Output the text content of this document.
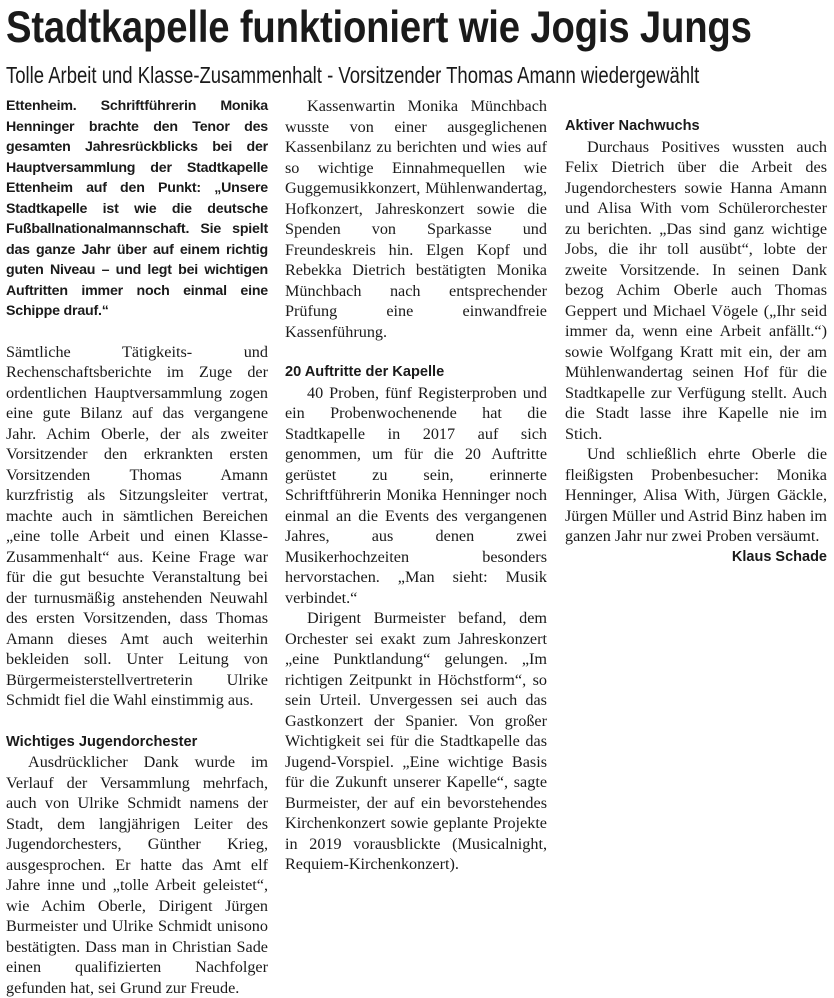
Stadtkapelle funktioniert wie Jogis Jungs
Tolle Arbeit und Klasse-Zusammenhalt - Vorsitzender Thomas Amann wiedergewählt

Ettenheim. Schriftführerin Monika Henninger brachte den Tenor des gesamten Jahresrückblicks bei der Hauptversammlung der Stadtkapelle Ettenheim auf den Punkt: „Unsere Stadtkapelle ist wie die deutsche Fußballnationalmannschaft. Sie spielt das ganze Jahr über auf einem richtig guten Niveau – und legt bei wichtigen Auftritten immer noch einmal eine Schippe drauf.“

Sämtliche Tätigkeits- und Rechenschaftsberichte im Zuge der ordentlichen Hauptversammlung zogen eine gute Bilanz auf das vergangene Jahr. Achim Oberle, der als zweiter Vorsitzender den erkrankten ersten Vorsitzenden Thomas Amann kurzfristig als Sitzungsleiter vertrat, machte auch in sämtlichen Bereichen „eine tolle Arbeit und einen Klasse-Zusammenhalt“ aus. Keine Frage war für die gut besuchte Veranstaltung bei der turnusmäßig anstehenden Neuwahl des ersten Vorsitzenden, dass Thomas Amann dieses Amt auch weiterhin bekleiden soll. Unter Leitung von Bürgermeisterstellvertreterin Ulrike Schmidt fiel die Wahl einstimmig aus.

Wichtiges Jugendorchester

Ausdrücklicher Dank wurde im Verlauf der Versammlung mehrfach, auch von Ulrike Schmidt namens der Stadt, dem langjährigen Leiter des Jugendorchesters, Günther Krieg, ausgesprochen. Er hatte das Amt elf Jahre inne und „tolle Arbeit geleistet“, wie Achim Oberle, Dirigent Jürgen Burmeister und Ulrike Schmidt unisono bestätigten. Dass man in Christian Sade einen qualifizierten Nachfolger gefunden hat, sei Grund zur Freude.

Kassenwartin Monika Münchbach wusste von einer ausgeglichenen Kassenbilanz zu berichten und wies auf so wichtige Einnahmequellen wie Guggemusikkonzert, Mühlenwandertag, Hofkonzert, Jahreskonzert sowie die Spenden von Sparkasse und Freundeskreis hin. Elgen Kopf und Rebekka Dietrich bestätigten Monika Münchbach nach entsprechender Prüfung eine einwandfreie Kassenführung.

20 Auftritte der Kapelle

40 Proben, fünf Registerproben und ein Probenwochenende hat die Stadtkapelle in 2017 auf sich genommen, um für die 20 Auftritte gerüstet zu sein, erinnerte Schriftführerin Monika Henninger noch einmal an die Events des vergangenen Jahres, aus denen zwei Musikerhochzeiten besonders hervorstachen. „Man sieht: Musik verbindet.“

Dirigent Burmeister befand, dem Orchester sei exakt zum Jahreskonzert „eine Punktlandung“ gelungen. „Im richtigen Zeitpunkt in Höchstform“, so sein Urteil. Unvergessen sei auch das Gastkonzert der Spanier. Von großer Wichtigkeit sei für die Stadtkapelle das Jugend-Vorspiel. „Eine wichtige Basis für die Zukunft unserer Kapelle“, sagte Burmeister, der auf ein bevorstehendes Kirchenkonzert sowie geplante Projekte in 2019 vorausblickte (Musicalnight, Requiem-Kirchenkonzert).

Aktiver Nachwuchs

Durchaus Positives wussten auch Felix Dietrich über die Arbeit des Jugendorchesters sowie Hanna Amann und Alisa With vom Schülerorchester zu berichten. „Das sind ganz wichtige Jobs, die ihr toll ausübt“, lobte der zweite Vorsitzende. In seinen Dank bezog Achim Oberle auch Thomas Geppert und Michael Vögele („Ihr seid immer da, wenn eine Arbeit anfällt.“) sowie Wolfgang Kratt mit ein, der am Mühlenwandertag seinen Hof für die Stadtkapelle zur Verfügung stellt. Auch die Stadt lasse ihre Kapelle nie im Stich.

Und schließlich ehrte Oberle die fleißigsten Probenbesucher: Monika Henninger, Alisa With, Jürgen Gäckle, Jürgen Müller und Astrid Binz haben im ganzen Jahr nur zwei Proben versäumt.
Klaus Schade
